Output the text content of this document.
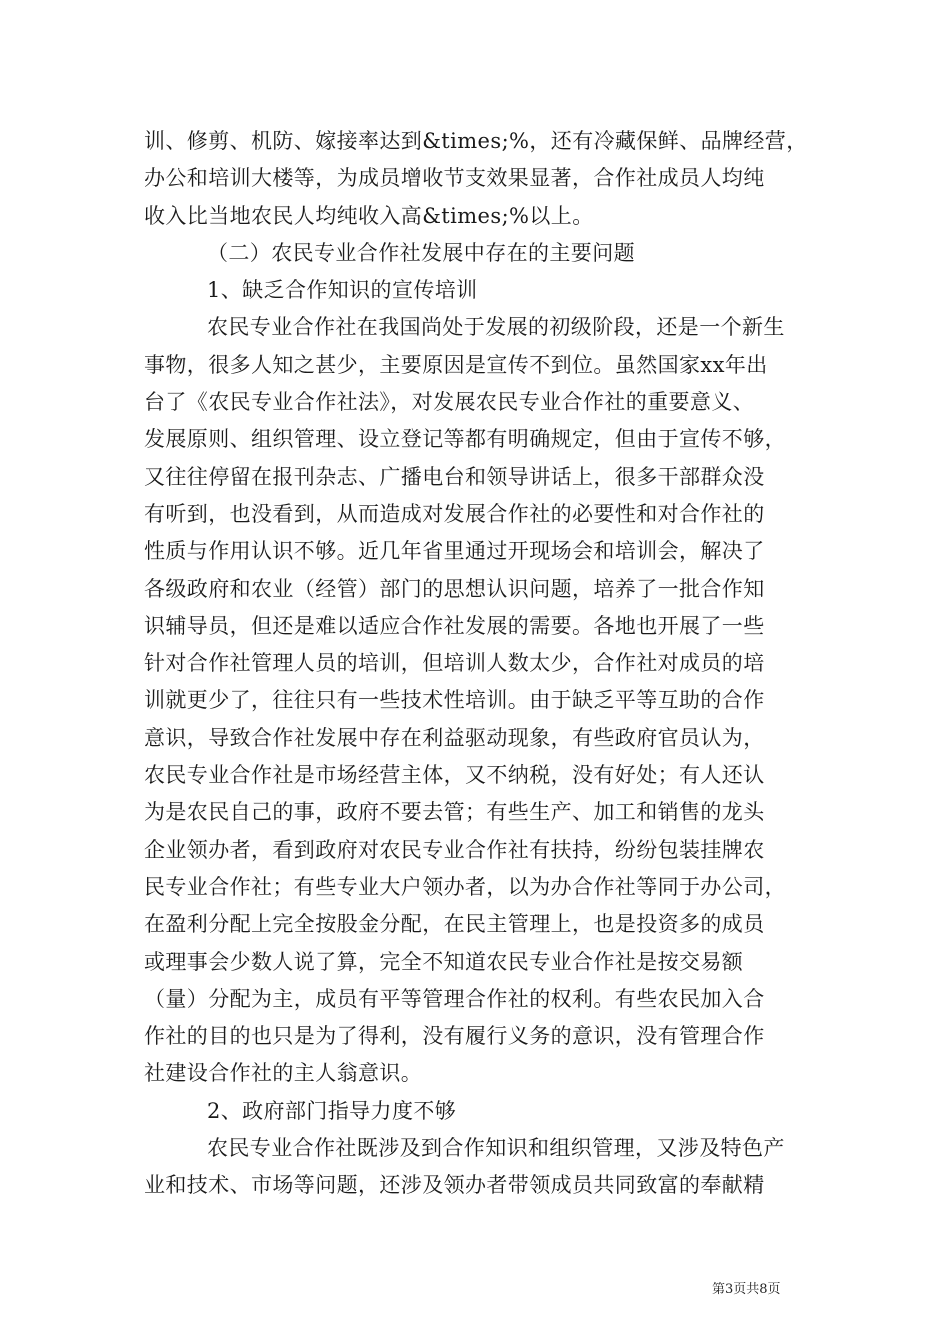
训、修剪、机防、嫁接率达到&times;%，还有冷藏保鲜、品牌经营，
办公和培训大楼等，为成员增收节支效果显著，合作社成员人均纯
收入比当地农民人均纯收入高&times;%以上。
（二）农民专业合作社发展中存在的主要问题
1、缺乏合作知识的宣传培训
农民专业合作社在我国尚处于发展的初级阶段，还是一个新生
事物，很多人知之甚少，主要原因是宣传不到位。虽然国家xx年出
台了《农民专业合作社法》，对发展农民专业合作社的重要意义、
发展原则、组织管理、设立登记等都有明确规定，但由于宣传不够，
又往往停留在报刊杂志、广播电台和领导讲话上，很多干部群众没
有听到，也没看到，从而造成对发展合作社的必要性和对合作社的
性质与作用认识不够。近几年省里通过开现场会和培训会，解决了
各级政府和农业（经管）部门的思想认识问题，培养了一批合作知
识辅导员，但还是难以适应合作社发展的需要。各地也开展了一些
针对合作社管理人员的培训，但培训人数太少，合作社对成员的培
训就更少了，往往只有一些技术性培训。由于缺乏平等互助的合作
意识，导致合作社发展中存在利益驱动现象，有些政府官员认为，
农民专业合作社是市场经营主体，又不纳税，没有好处；有人还认
为是农民自己的事，政府不要去管；有些生产、加工和销售的龙头
企业领办者，看到政府对农民专业合作社有扶持，纷纷包装挂牌农
民专业合作社；有些专业大户领办者，以为办合作社等同于办公司，
在盈利分配上完全按股金分配，在民主管理上，也是投资多的成员
或理事会少数人说了算，完全不知道农民专业合作社是按交易额
（量）分配为主，成员有平等管理合作社的权利。有些农民加入合
作社的目的也只是为了得利，没有履行义务的意识，没有管理合作
社建设合作社的主人翁意识。
2、政府部门指导力度不够
农民专业合作社既涉及到合作知识和组织管理，又涉及特色产
业和技术、市场等问题，还涉及领办者带领成员共同致富的奉献精
第3页共8页
